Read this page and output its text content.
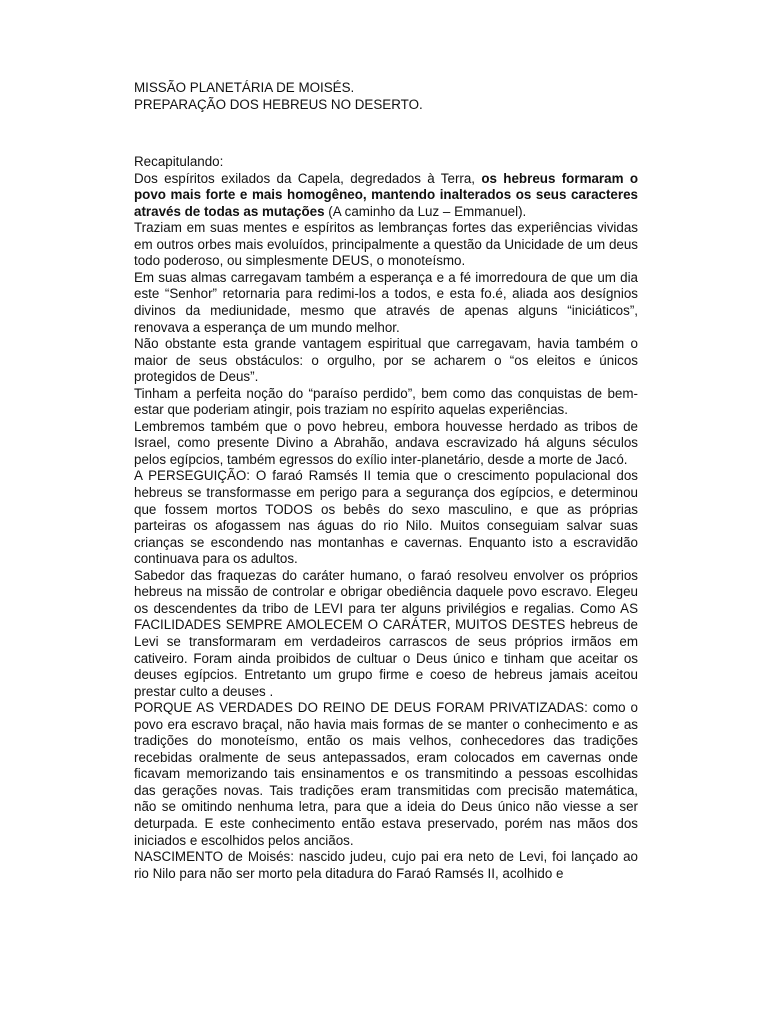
MISSÃO PLANETÁRIA DE MOISÉS.

PREPARAÇÃO DOS HEBREUS NO DESERTO.

Recapitulando:

Dos espíritos exilados da Capela, degredados à Terra, os hebreus formaram o povo mais forte e mais homogêneo, mantendo inalterados os seus caracteres através de todas as mutações (A caminho da Luz – Emmanuel).

Traziam em suas mentes e espíritos as lembranças fortes das experiências vividas em outros orbes mais evoluídos, principalmente a questão da Unicidade de um deus todo poderoso, ou simplesmente DEUS, o monoteísmo.

Em suas almas carregavam também a esperança e a fé imorredoura de que um dia este “Senhor” retornaria para redimi-los a todos, e esta fo.é, aliada aos desígnios divinos da mediunidade, mesmo que através de apenas alguns “iniciáticos”, renovava a esperança de um mundo melhor.

Não obstante esta grande vantagem espiritual que carregavam, havia também o maior de seus obstáculos: o orgulho, por se acharem o “os eleitos e únicos protegidos de Deus”.

Tinham a perfeita noção do “paraíso perdido”, bem como das conquistas de bem-estar que poderiam atingir, pois traziam no espírito aquelas experiências.

Lembremos também que o povo hebreu, embora houvesse herdado as tribos de Israel, como presente Divino a Abrahão, andava escravizado há alguns séculos pelos egípcios, também egressos do exílio inter-planetário, desde a morte de Jacó.

A PERSEGUIÇÃO: O faraó Ramsés II temia que o crescimento populacional dos hebreus se transformasse em perigo para a segurança dos egípcios, e determinou que fossem mortos TODOS os bebês do sexo masculino, e que as próprias parteiras os afogassem nas águas do rio Nilo. Muitos conseguiam salvar suas crianças se escondendo nas montanhas e cavernas. Enquanto isto a escravidão continuava para os adultos.

Sabedor das fraquezas do caráter humano, o faraó resolveu envolver os próprios hebreus na missão de controlar e obrigar obediência daquele povo escravo. Elegeu os descendentes da tribo de LEVI para ter alguns privilégios e regalias. Como AS FACILIDADES SEMPRE AMOLECEM O CARÁTER, MUITOS DESTES hebreus de Levi se transformaram em verdadeiros carrascos de seus próprios irmãos em cativeiro. Foram ainda proibidos de cultuar o Deus único e tinham que aceitar os deuses egípcios. Entretanto um grupo firme e coeso de hebreus jamais aceitou prestar culto a deuses .

PORQUE AS VERDADES DO REINO DE DEUS FORAM PRIVATIZADAS: como o povo era escravo braçal, não havia mais formas de se manter o conhecimento e as tradições do monoteísmo, então os mais velhos, conhecedores das tradições recebidas oralmente de seus antepassados, eram colocados em cavernas onde ficavam memorizando tais ensinamentos e os transmitindo a pessoas escolhidas das gerações novas. Tais tradições eram transmitidas com precisão matemática, não se omitindo nenhuma letra, para que a ideia do Deus único não viesse a ser deturpada. E este conhecimento então estava preservado, porém nas mãos dos iniciados e escolhidos pelos anciãos.

NASCIMENTO de Moisés: nascido judeu, cujo pai era neto de Levi, foi lançado ao rio Nilo para não ser morto pela ditadura do Faraó Ramsés II, acolhido e
